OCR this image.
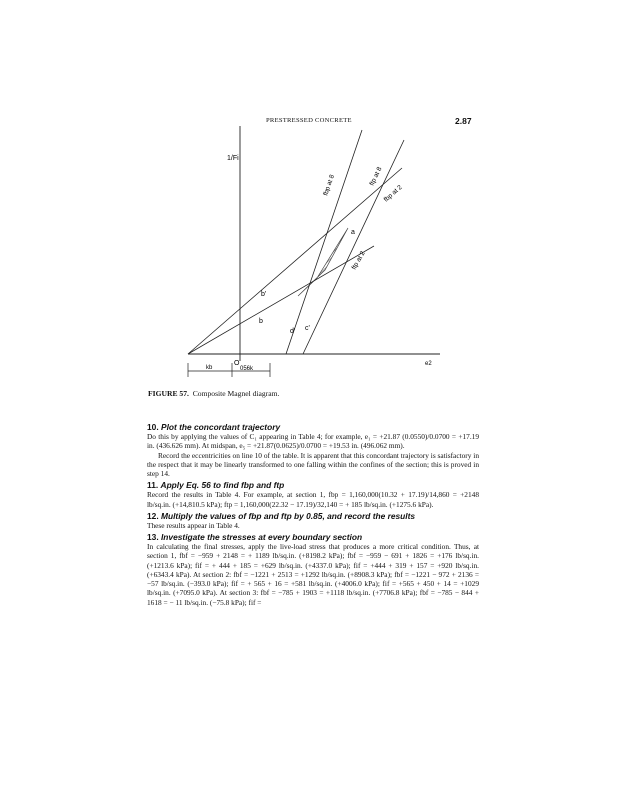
PRESTRESSED CONCRETE	2.87
1/Fi
fbp at 8	ftp at 8
fbp at 2
ftp at 2
a
b'
b
d' c'
O
056k
kb
e2
FIGURE 57. Composite Magnel diagram.
10. Plot the concordant trajectory

Do this by applying the values of C₁ appearing in Table 4; for example, e₁ = +21.87 (0.0550)/0.0700 = +17.19 in. (436.626 mm). At midspan, e₅ = +21.87(0.0625)/0.0700 = +19.53 in. (496.062 mm).

Record the eccentricities on line 10 of the table. It is apparent that this concordant trajectory is satisfactory in the respect that it may be linearly transformed to one falling within the confines of the section; this is proved in step 14.

11. Apply Eq. 56 to find fbp and ftp

Record the results in Table 4. For example, at section 1, fbp = 1,160,000(10.32 + 17.19)/14,860 = +2148 lb/sq.in. (+14,810.5 kPa); ftp = 1,160,000(22.32 − 17.19)/32,140 = + 185 lb/sq.in. (+1275.6 kPa).

12. Multiply the values of fbp and ftp by 0.85, and record the results

These results appear in Table 4.

13. Investigate the stresses at every boundary section

In calculating the final stresses, apply the live-load stress that produces a more critical condition. Thus, at section 1, fbf = −959 + 2148 = + 1189 lb/sq.in. (+8198.2 kPa); fbf = −959 − 691 + 1826 = +176 lb/sq.in. (+1213.6 kPa); fif = + 444 + 185 = +629 lb/sq.in. (+4337.0 kPa); fif = +444 + 319 + 157 = +920 lb/sq.in. (+6343.4 kPa). At section 2: fbf = −1221 + 2513 = +1292 lb/sq.in. (+8908.3 kPa); fbf = −1221 − 972 + 2136 = −57 lb/sq.in. (−393.0 kPa); fif = + 565 + 16 = +581 lb/sq.in. (+4006.0 kPa); fif = +565 + 450 + 14 = +1029 lb/sq.in. (+7095.0 kPa). At section 3: fbf = −785 + 1903 = +1118 lb/sq.in. (+7706.8 kPa); fbf = −785 − 844 + 1618 = − 11 lb/sq.in. (−75.8 kPa); fif =
